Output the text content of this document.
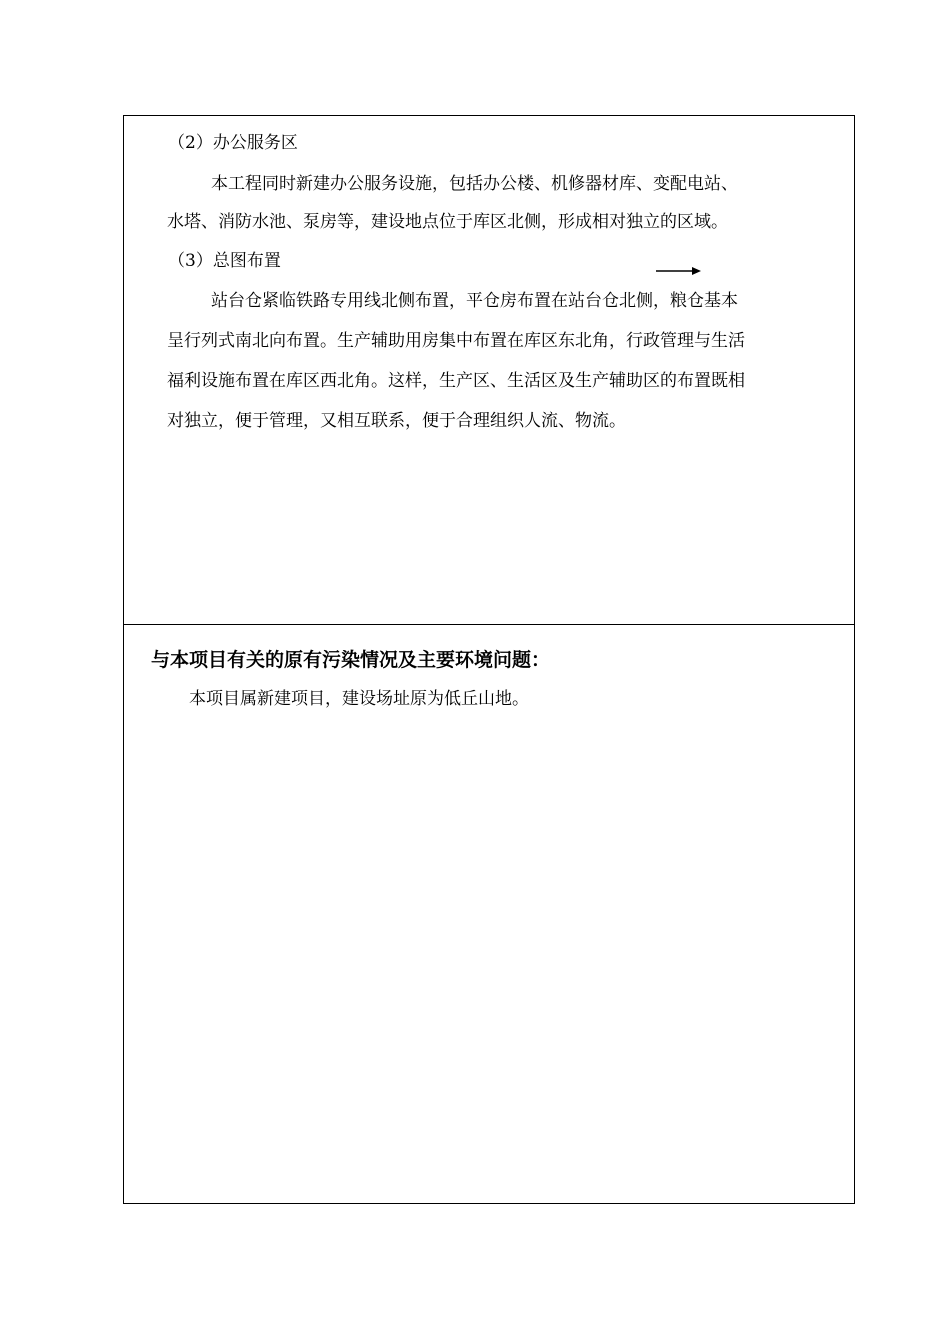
（2）办公服务区
本工程同时新建办公服务设施，包括办公楼、机修器材库、变配电站、
水塔、消防水池、泵房等，建设地点位于库区北侧，形成相对独立的区域。
（3）总图布置
站台仓紧临铁路专用线北侧布置，平仓房布置在站台仓北侧，粮仓基本
呈行列式南北向布置。生产辅助用房集中布置在库区东北角，行政管理与生活
福利设施布置在库区西北角。这样，生产区、生活区及生产辅助区的布置既相
对独立，便于管理，又相互联系，便于合理组织人流、物流。
与本项目有关的原有污染情况及主要环境问题：
本项目属新建项目，建设场址原为低丘山地。
